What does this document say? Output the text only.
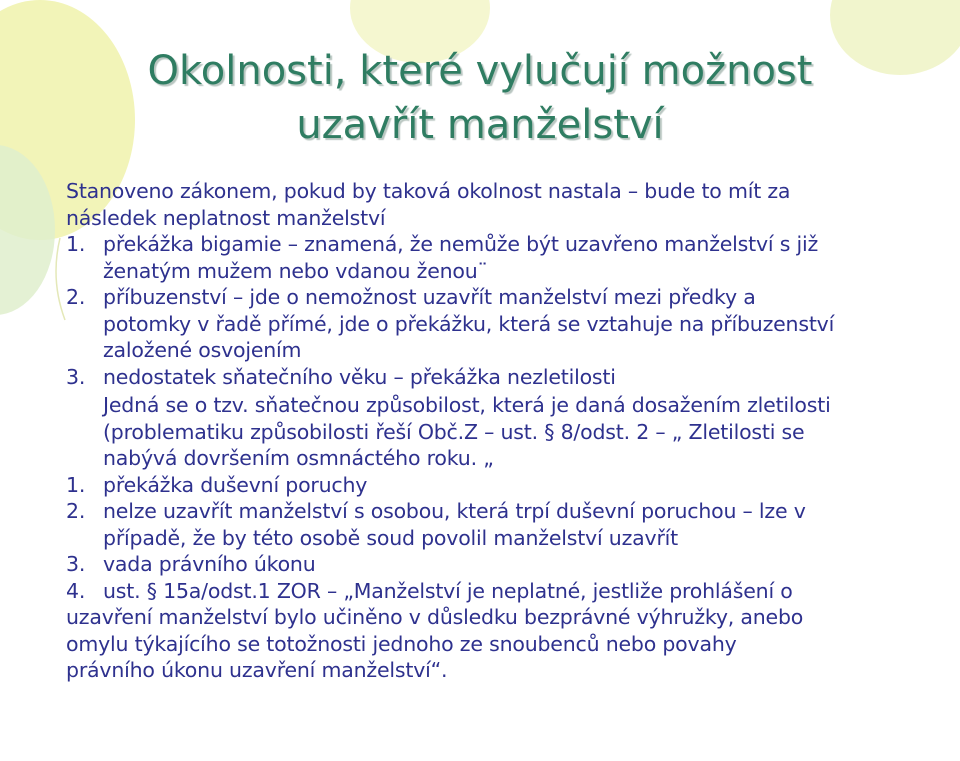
Okolnosti, které vylučují možnost
uzavřít manželství
Stanoveno zákonem, pokud by taková okolnost nastala – bude to mít za
následek neplatnost manželství
1. překážka bigamie – znamená, že nemůže být uzavřeno manželství s již
ženatým mužem nebo vdanou ženou¨
2. příbuzenství – jde o nemožnost uzavřít manželství mezi předky a
potomky v řadě přímé, jde o překážku, která se vztahuje na příbuzenství
založené osvojením
3. nedostatek sňatečního věku – překážka nezletilosti
Jedná se o tzv. sňatečnou způsobilost, která je daná dosažením zletilosti
(problematiku způsobilosti řeší Obč.Z – ust. § 8/odst. 2 – „ Zletilosti se
nabývá dovršením osmnáctého roku. „
1. překážka duševní poruchy
2. nelze uzavřít manželství s osobou, která trpí duševní poruchou – lze v
případě, že by této osobě soud povolil manželství uzavřít
3. vada právního úkonu
4. ust. § 15a/odst.1 ZOR – „Manželství je neplatné, jestliže prohlášení o
uzavření manželství bylo učiněno v důsledku bezprávné výhružky, anebo
omylu týkajícího se totožnosti jednoho ze snoubenců nebo povahy
právního úkonu uzavření manželství“.
